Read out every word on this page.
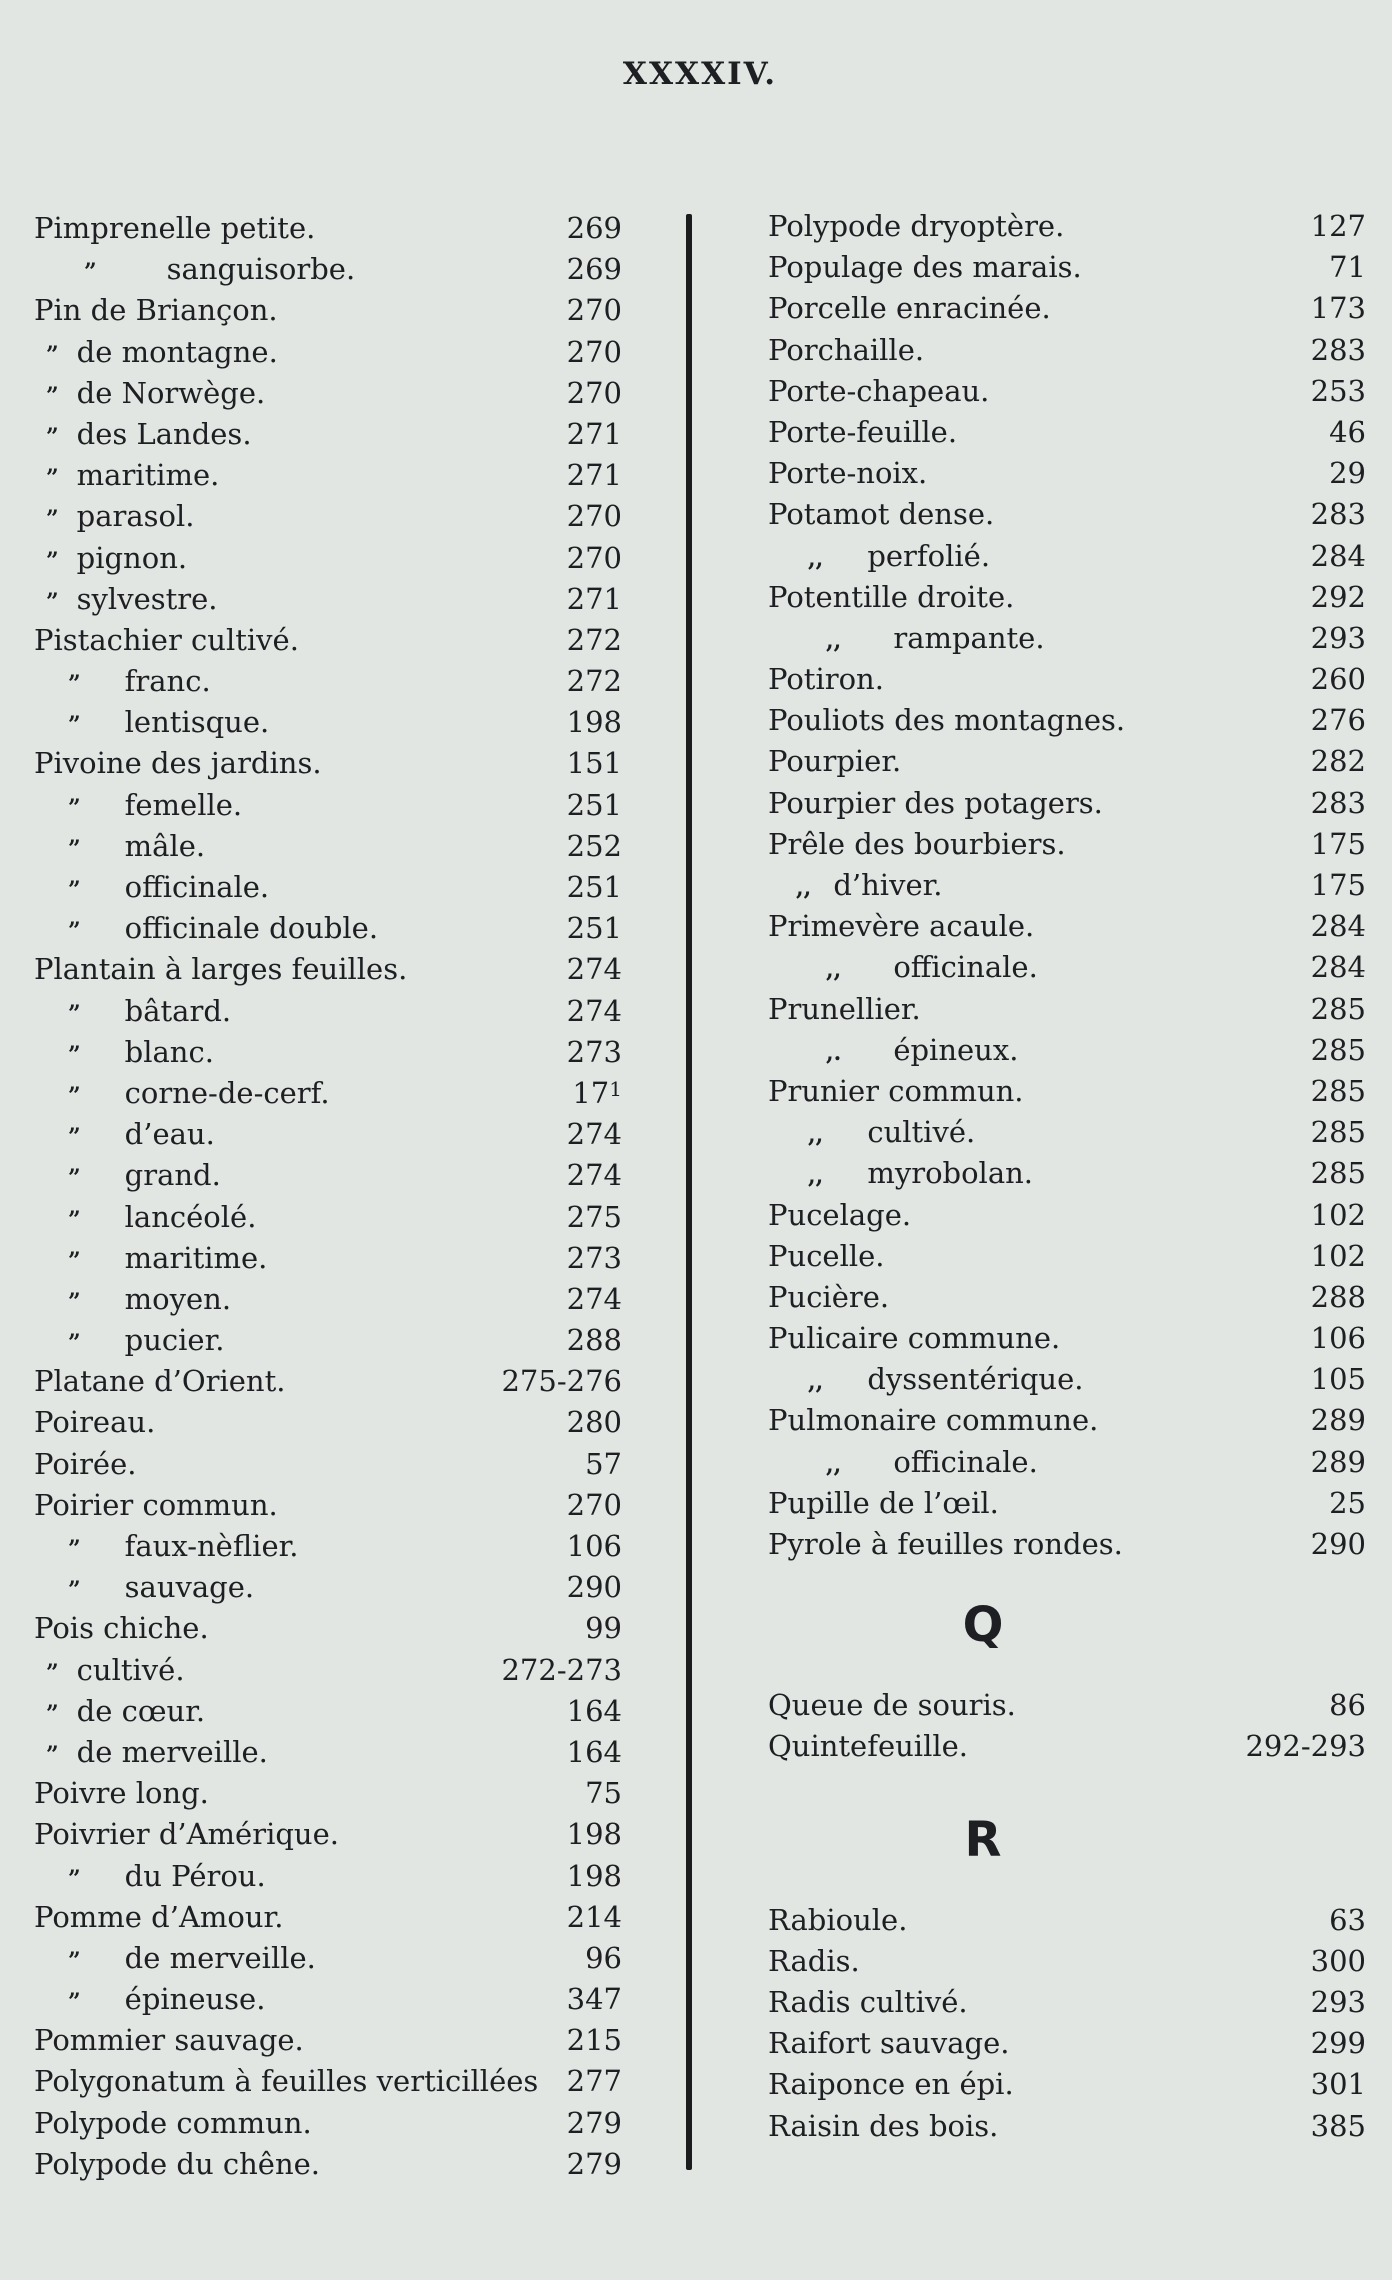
XXXXIV.
Pimprenelle petite.	269
” sanguisorbe.	269
Pin de Briançon.	270
” de montagne.	270
” de Norwège.	270
” des Landes.	271
” maritime.	271
” parasol.	270
” pignon.	270
” sylvestre.	271
Pistachier cultivé.	272
” franc.	272
” lentisque.	198
Pivoine des jardins.	151
” femelle.	251
” mâle.	252
” officinale.	251
” officinale double.	251
Plantain à larges feuilles.	274
” bâtard.	274
” blanc.	273
” corne-de-cerf.	$17^1$
” d’eau.	274
” grand.	274
” lancéolé.	275
” maritime.	273
” moyen.	274
” pucier.	288
Platane d’Orient.	275-276
Poireau.	280
Poirée.	57
Poirier commun.	270
” faux-nèflier.	106
” sauvage.	290
Pois chiche.	99
” cultivé.	272-273
” de cœur.	164
” de merveille.	164
Poivre long.	75
Poivrier d’Amérique.	198
” du Pérou.	198
Pomme d’Amour.	214
” de merveille.	96
” épineuse.	347
Pommier sauvage.	215
Polygonatum à feuilles verticillées 277
Polypode commun.	279
Polypode du chêne.	279
Polypode dryoptère.	127
Populage des marais.	71
Porcelle enracinée.	173
Porchaille.	283
Porte-chapeau.	253
Porte-feuille.	46
Porte-noix.	29
Potamot dense.	283
,, perfolié.	284
Potentille droite.	292
,, rampante.	293
Potiron.	260
Pouliots des montagnes.	276
Pourpier.	282
Pourpier des potagers.	283
Prêle des bourbiers.	175
,, d’hiver.	175
Primevère acaule.	284
,, officinale.	284
Prunellier.	285
,. épineux.	285
Prunier commun.	285
,, cultivé.	285
,, myrobolan.	285
Pucelage.	102
Pucelle.	102
Pucière.	288
Pulicaire commune.	106
,, dyssentérique.	105
Pulmonaire commune.	289
,, officinale.	289
Pupille de l’œil.	25
Pyrole à feuilles rondes.	290
Q
Queue de souris.	86
Quintefeuille.	292-293
R
Rabioule.	63
Radis.	300
Radis cultivé.	293
Raifort sauvage.	299
Raiponce en épi.	301
Raisin des bois.	385
